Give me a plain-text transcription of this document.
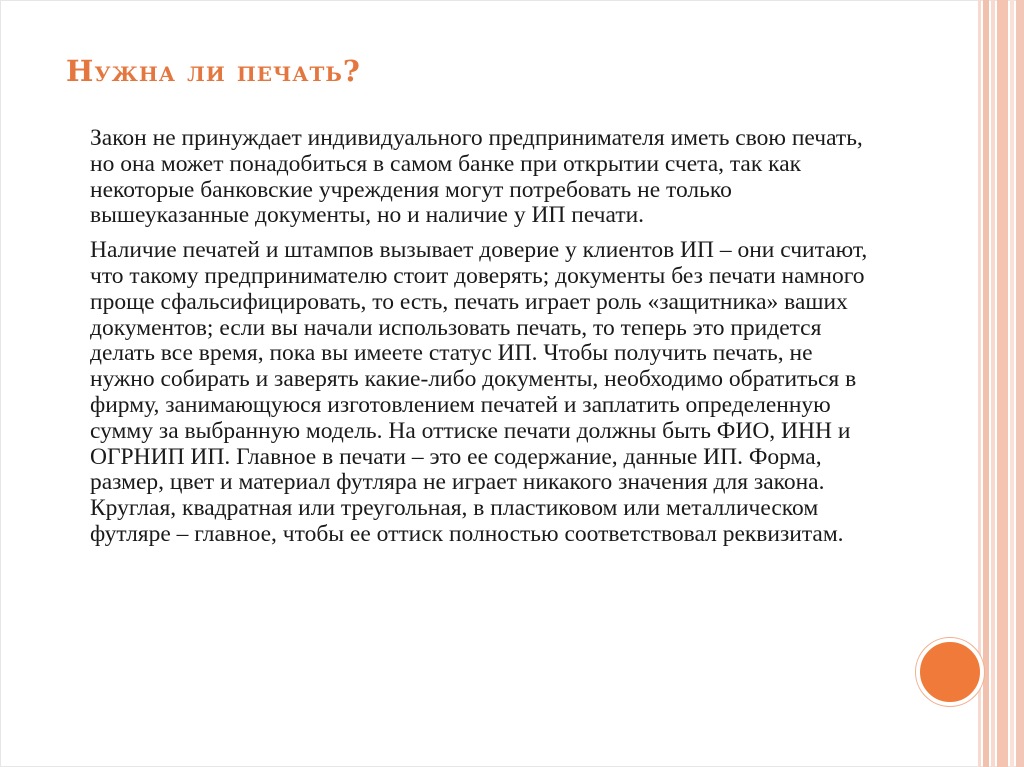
Нужна ли печать?

Закон не принуждает индивидуального предпринимателя иметь свою печать, но она может понадобиться в самом банке при открытии счета, так как некоторые банковские учреждения могут потребовать не только вышеуказанные документы, но и наличие у ИП печати.

Наличие печатей и штампов вызывает доверие у клиентов ИП – они считают, что такому предпринимателю стоит доверять; документы без печати намного проще сфальсифицировать, то есть, печать играет роль «защитника» ваших документов; если вы начали использовать печать, то теперь это придется делать все время, пока вы имеете статус ИП. Чтобы получить печать, не нужно собирать и заверять какие-либо документы, необходимо обратиться в фирму, занимающуюся изготовлением печатей и заплатить определенную сумму за выбранную модель. На оттиске печати должны быть ФИО, ИНН и ОГРНИП ИП. Главное в печати – это ее содержание, данные ИП. Форма, размер, цвет и материал футляра не играет никакого значения для закона. Круглая, квадратная или треугольная, в пластиковом или металлическом футляре – главное, чтобы ее оттиск полностью соответствовал реквизитам.
